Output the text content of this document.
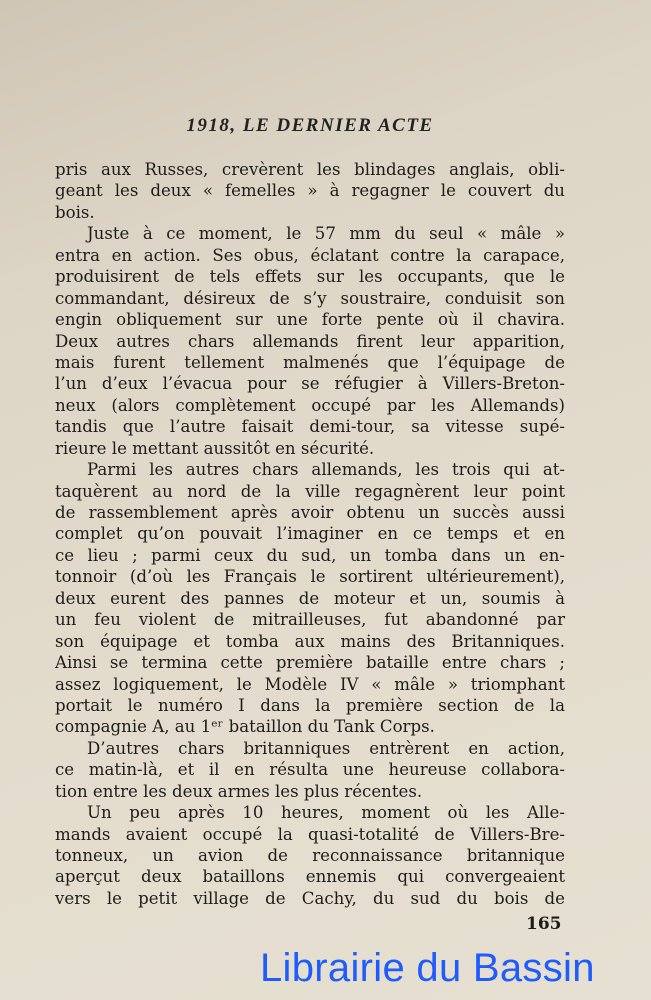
1918, LE DERNIER ACTE
pris aux Russes, crevèrent les blindages anglais, obli-
geant les deux « femelles » à regagner le couvert du
bois.
Juste à ce moment, le 57 mm du seul « mâle »
entra en action. Ses obus, éclatant contre la carapace,
produisirent de tels effets sur les occupants, que le
commandant, désireux de s’y soustraire, conduisit son
engin obliquement sur une forte pente où il chavira.
Deux autres chars allemands firent leur apparition,
mais furent tellement malmenés que l’équipage de
l’un d’eux l’évacua pour se réfugier à Villers-Breton-
neux (alors complètement occupé par les Allemands)
tandis que l’autre faisait demi-tour, sa vitesse supé-
rieure le mettant aussitôt en sécurité.
Parmi les autres chars allemands, les trois qui at-
taquèrent au nord de la ville regagnèrent leur point
de rassemblement après avoir obtenu un succès aussi
complet qu’on pouvait l’imaginer en ce temps et en
ce lieu ; parmi ceux du sud, un tomba dans un en-
tonnoir (d’où les Français le sortirent ultérieurement),
deux eurent des pannes de moteur et un, soumis à
un feu violent de mitrailleuses, fut abandonné par
son équipage et tomba aux mains des Britanniques.
Ainsi se termina cette première bataille entre chars ;
assez logiquement, le Modèle IV « mâle » triomphant
portait le numéro I dans la première section de la
compagnie A, au 1ᵉʳ bataillon du Tank Corps.
D’autres chars britanniques entrèrent en action,
ce matin-là, et il en résulta une heureuse collabora-
tion entre les deux armes les plus récentes.
Un peu après 10 heures, moment où les Alle-
mands avaient occupé la quasi-totalité de Villers-Bre-
tonneux, un avion de reconnaissance britannique
aperçut deux bataillons ennemis qui convergeaient
vers le petit village de Cachy, du sud du bois de
165
Librairie du Bassin
